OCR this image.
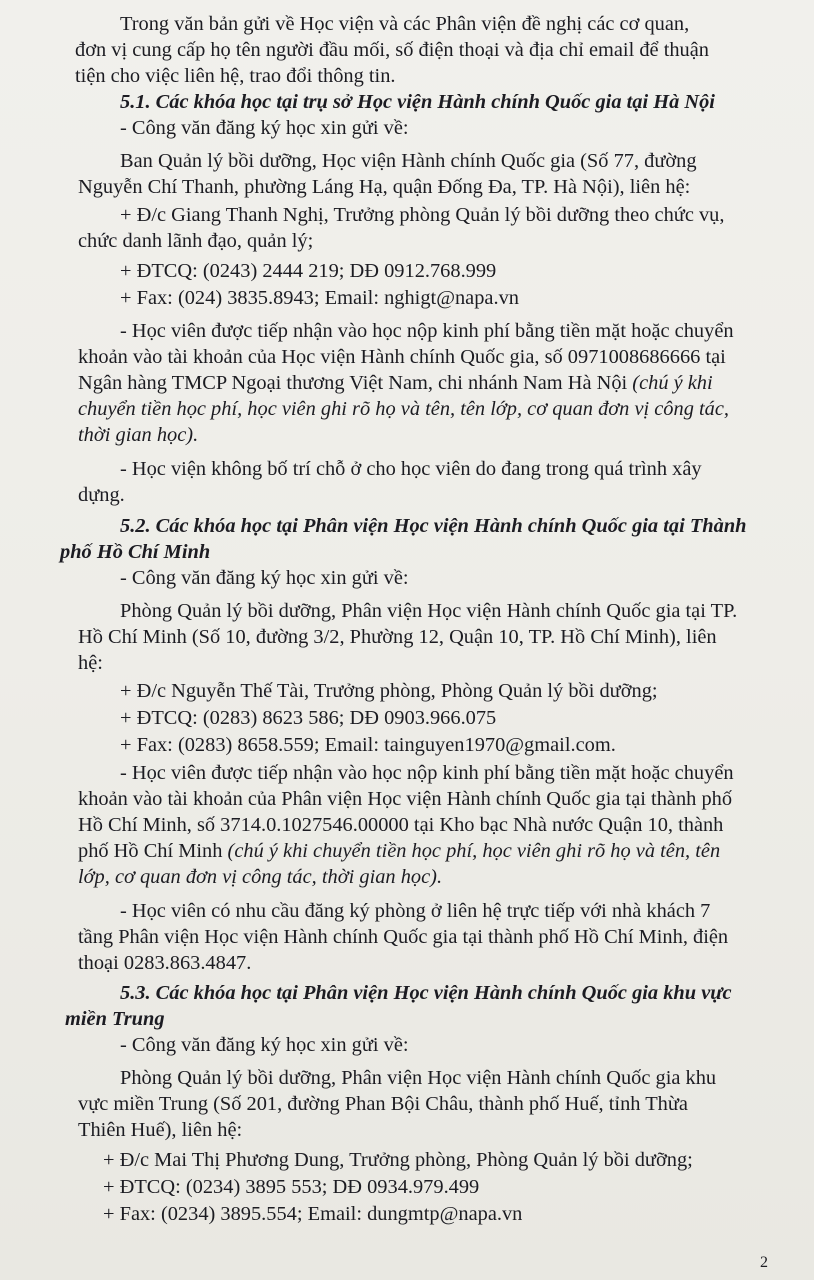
Trong văn bản gửi về Học viện và các Phân viện đề nghị các cơ quan,
đơn vị cung cấp họ tên người đầu mối, số điện thoại và địa chỉ email để thuận
tiện cho việc liên hệ, trao đổi thông tin.
5.1. Các khóa học tại trụ sở Học viện Hành chính Quốc gia tại Hà Nội
- Công văn đăng ký học xin gửi về:
Ban Quản lý bồi dưỡng, Học viện Hành chính Quốc gia (Số 77, đường
Nguyễn Chí Thanh, phường Láng Hạ, quận Đống Đa, TP. Hà Nội), liên hệ:
+ Đ/c Giang Thanh Nghị, Trưởng phòng Quản lý bồi dưỡng theo chức vụ,
chức danh lãnh đạo, quản lý;
+ ĐTCQ: (0243) 2444 219; DĐ 0912.768.999
+ Fax: (024) 3835.8943; Email: nghigt@napa.vn
- Học viên được tiếp nhận vào học nộp kinh phí bằng tiền mặt hoặc chuyển
khoản vào tài khoản của Học viện Hành chính Quốc gia, số 0971008686666 tại
Ngân hàng TMCP Ngoại thương Việt Nam, chi nhánh Nam Hà Nội (chú ý khi
chuyển tiền học phí, học viên ghi rõ họ và tên, tên lớp, cơ quan đơn vị công tác,
thời gian học).
- Học viện không bố trí chỗ ở cho học viên do đang trong quá trình xây
dựng.
5.2. Các khóa học tại Phân viện Học viện Hành chính Quốc gia tại Thành
phố Hồ Chí Minh
- Công văn đăng ký học xin gửi về:
Phòng Quản lý bồi dưỡng, Phân viện Học viện Hành chính Quốc gia tại TP.
Hồ Chí Minh (Số 10, đường 3/2, Phường 12, Quận 10, TP. Hồ Chí Minh), liên
hệ:
+ Đ/c Nguyễn Thế Tài, Trưởng phòng, Phòng Quản lý bồi dưỡng;
+ ĐTCQ: (0283) 8623 586; DĐ 0903.966.075
+ Fax: (0283) 8658.559; Email: tainguyen1970@gmail.com.
- Học viên được tiếp nhận vào học nộp kinh phí bằng tiền mặt hoặc chuyển
khoản vào tài khoản của Phân viện Học viện Hành chính Quốc gia tại thành phố
Hồ Chí Minh, số 3714.0.1027546.00000 tại Kho bạc Nhà nước Quận 10, thành
phố Hồ Chí Minh (chú ý khi chuyển tiền học phí, học viên ghi rõ họ và tên, tên
lớp, cơ quan đơn vị công tác, thời gian học).
- Học viên có nhu cầu đăng ký phòng ở liên hệ trực tiếp với nhà khách 7
tầng Phân viện Học viện Hành chính Quốc gia tại thành phố Hồ Chí Minh, điện
thoại 0283.863.4847.
5.3. Các khóa học tại Phân viện Học viện Hành chính Quốc gia khu vực
miền Trung
- Công văn đăng ký học xin gửi về:
Phòng Quản lý bồi dưỡng, Phân viện Học viện Hành chính Quốc gia khu
vực miền Trung (Số 201, đường Phan Bội Châu, thành phố Huế, tỉnh Thừa
Thiên Huế), liên hệ:
+ Đ/c Mai Thị Phương Dung, Trưởng phòng, Phòng Quản lý bồi dưỡng;
+ ĐTCQ: (0234) 3895 553; DĐ 0934.979.499
+ Fax: (0234) 3895.554; Email: dungmtp@napa.vn
2
